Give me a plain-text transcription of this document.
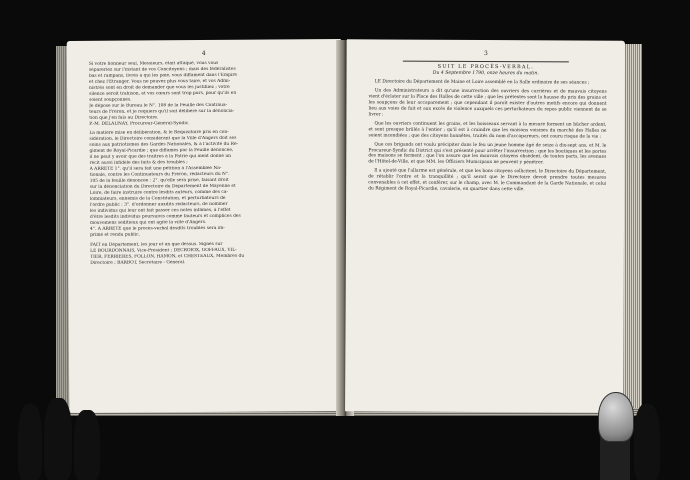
4
Si votre honneur seul, Messieurs, était attaqué, vous vous
sépareriez sur l'instant de vos Concitoyens ; mais des fédéralistes
bas et rampans, livrés à qui les paie, vous diffament dans l'Empire
et chez l'Étranger. Vous ne pouvez plus vous taire, et vos Admi-
nistrés sont en droit de demander que vous les justifiiez ; votre
silence seroit trahison, et vos cœurs sont trop purs, pour qu'ils en
soient soupçonnés.
Je dépose sur le Bureau le N°. 108 de la Feuille des Continua-
teurs de Fréron, et je requiers qu'il soit délibéré sur la dénoncia-
tion que j'en fais au Directoire.
P.-M. DELAUNAY, Procureur-Général-Syndic.
La matière mise en délibération, & le Réquisitoire pris en con-
sidération, le Directoire considérant que la Ville d'Angers doit ses
soins aux patriotismes des Gardes Nationales, & à l'activité du Ré-
giment de Royal-Picardie ; que diffamés par la Feuille dénoncée,
il ne peut y avoir que des traîtres à la Patrie qui aient donné un
récit aussi infidèle des faits & des troubles ;
A ARRÊTÉ 1°. qu'il sera fait une pétition à l'Assemblée Na-
tionale, contre les Continuateurs du Fréron, rédacteurs du N°.
105 de la feuille dénoncée : 2°. qu'elle sera prise, faisant droit
sur la dénonciation du Directoire du Département de Mayenne et
Loire, de faire instruire contre lesdits auteurs, comme des ca-
lomniateurs, ennemis de la Constitution, et perturbateurs de
l'ordre public : 3°. d'ordonner auxdits rédacteurs, de nommer
les individus qui leur ont fait passer ces notes infâmes, à l'effet
d'être lesdits individus poursuivis comme fauteurs et complices des
mouvemens séditieux qui ont agité la ville d'Angers.
4°. A ARRÊTÉ que le procès-verbal desdits troubles sera im-
primé et rendu public.
FAIT en Département, les jour et an que dessus. Signés sur
LE BOURDONNAIS, Vice-Président ; DECROIOX, GOFFAUX, VIL-
TIER, FERRIÈRES, FOLLON, HAMON, et CHESTEAUX, Membres du
Directoire ; BARBOT, Secrétaire - Général.
3
SUIT LE PROCÈS-VERBAL.
Du 4 Septembre 1790, onze heures du matin.

LE Directoire du Département de Maine et Loire assemblé en la Salle ordinaire de ses séances ;

Un des Administrateurs a dit qu'une insurrection des ouvriers des carrières et de mauvais citoyens vient d'éclater sur la Place des Halles de cette ville ; que les prétextes sont la hausse du prix des grains et les soupçons de leur accaparement ; que cependant il paroît exister d'autres motifs encore qui donnent lieu aux voies de fait et aux excès de violence auxquels ces perturbateurs du repos public viennent de se livrer :

Que les ouvriers continuent les grains, et les boisseaux servant à la mesure forment un bûcher ardent, et sont presque brûlés à l'entier ; qu'il est à craindre que les maisons voisines du marché des Halles ne soient incendiées ; que des citoyens honnêtes, traités du nom d'accapareurs, ont couru risque de la vie :

Que ces brigands ont voulu précipiter dans le feu un jeune homme âgé de seize à dix-sept ans, et M. le Procureur-Syndic du District qui s'est présenté pour arrêter l'insurrection ; que les boutiques et les portes des maisons se ferment ; que l'on assure que les mauvais citoyens obsèdent, de toutes parts, les avenues de l'Hôtel-de-Ville, et que MM. les Officiers Municipaux ne peuvent y pénétrer.

Il a ajouté que l'allarme est générale, et que les bons citoyens sollicitent, le Directoire du Département, de rétablir l'ordre et la tranquillité ; qu'il seroit que le Directoire devoit prendre toutes mesures convenables à cet effet, et conférer, sur le champ, avec M. le Commandant de la Garde Nationale, et celui du Régiment de Royal-Picardie, cavalerie, en quartier dans cette ville.
